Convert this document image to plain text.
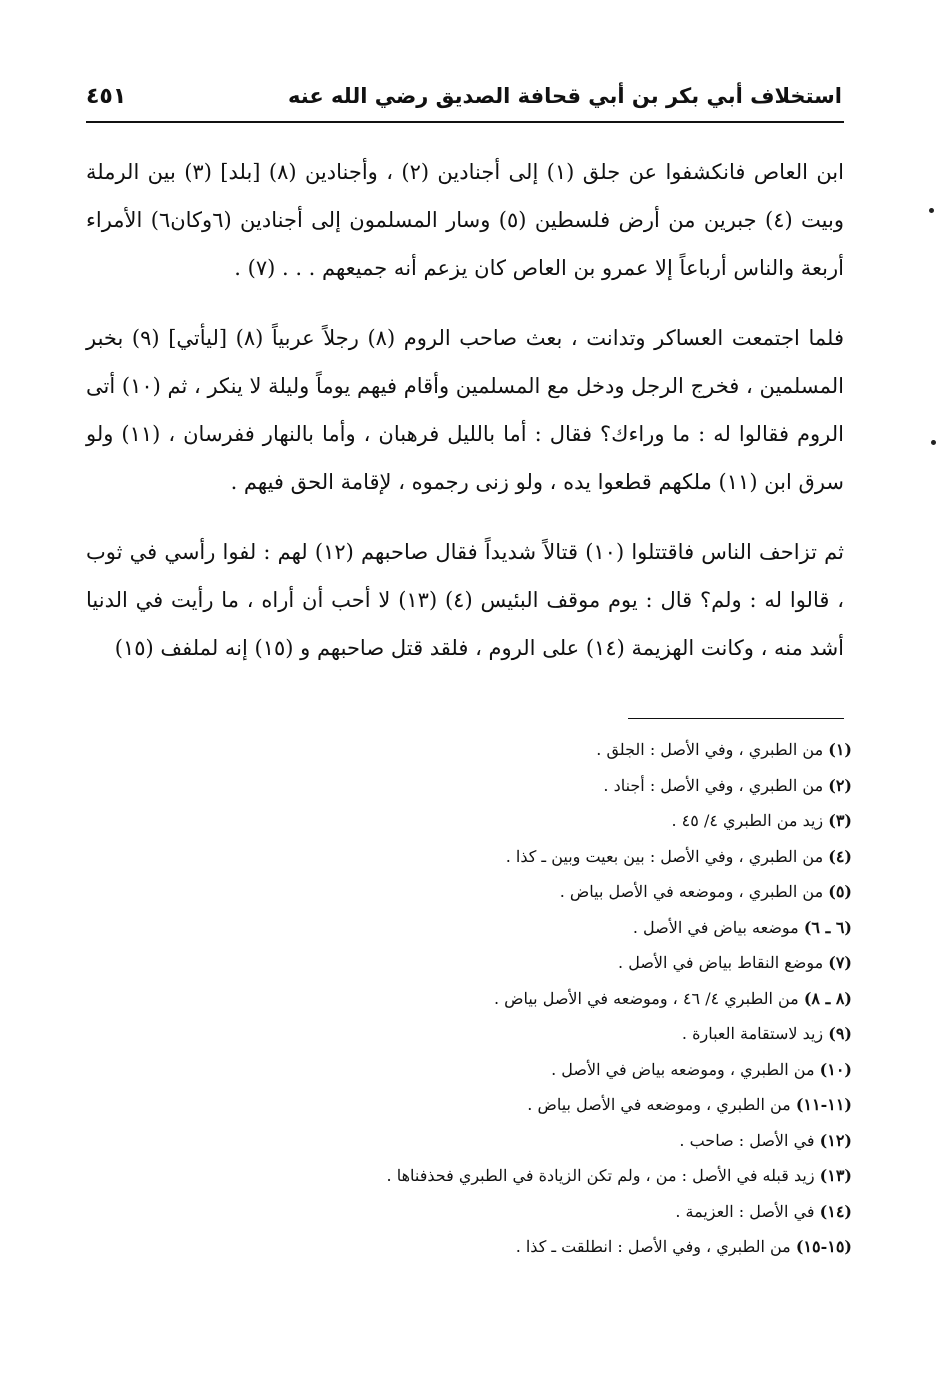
استخلاف أبي بكر بن أبي قحافة الصديق رضي الله عنه
٤٥١

ابن العاص فانكشفوا عن جلق (١) إلى أجنادين (٢) ، وأجنادين (٨) [بلد] (٣) بين الرملة وبيت (٤) جبرين من أرض فلسطين (٥) وسار المسلمون إلى أجنادين (٦وكان٦) الأمراء أربعة والناس أرباعاً إلا عمرو بن العاص كان يزعم أنه جميعهم . . . (٧) .

فلما اجتمعت العساكر وتدانت ، بعث صاحب الروم (٨) رجلاً عربياً (٨) [ليأتي] (٩) بخبر المسلمين ، فخرج الرجل ودخل مع المسلمين وأقام فيهم يوماً وليلة لا ينكر ، ثم (١٠) أتى الروم فقالوا له : ما وراءك؟ فقال : أما بالليل فرهبان ، وأما بالنهار ففرسان ، (١١) ولو سرق ابن (١١) ملكهم قطعوا يده ، ولو زنى رجموه ، لإقامة الحق فيهم .

ثم تزاحف الناس فاقتتلوا (١٠) قتالاً شديداً فقال صاحبهم (١٢) لهم : لفوا رأسي في ثوب ، قالوا له : ولم؟ قال : يوم موقف البئيس (٤) (١٣) لا أحب أن أراه ، ما رأيت في الدنيا أشد منه ، وكانت الهزيمة (١٤) على الروم ، فلقد قتل صاحبهم و (١٥) إنه لملفف (١٥)

(١) من الطبري ، وفي الأصل : الجلق .
(٢) من الطبري ، وفي الأصل : أجناد .
(٣) زيد من الطبري ٤/ ٤٥ .
(٤) من الطبري ، وفي الأصل : بين بعيت وبين ـ كذا .
(٥) من الطبري ، وموضعه في الأصل بياض .
(٦ ـ ٦) موضعه بياض في الأصل .
(٧) موضع النقاط بياض في الأصل .
(٨ ـ ٨) من الطبري ٤/ ٤٦ ، وموضعه في الأصل بياض .
(٩) زيد لاستقامة العبارة .
(١٠) من الطبري ، وموضعه بياض في الأصل .
(١١-١١) من الطبري ، وموضعه في الأصل بياض .
(١٢) في الأصل : صاحب .
(١٣) زيد قبله في الأصل : من ، ولم تكن الزيادة في الطبري فحذفناها .
(١٤) في الأصل : العزيمة .
(١٥-١٥) من الطبري ، وفي الأصل : انطلقت ـ كذا .
